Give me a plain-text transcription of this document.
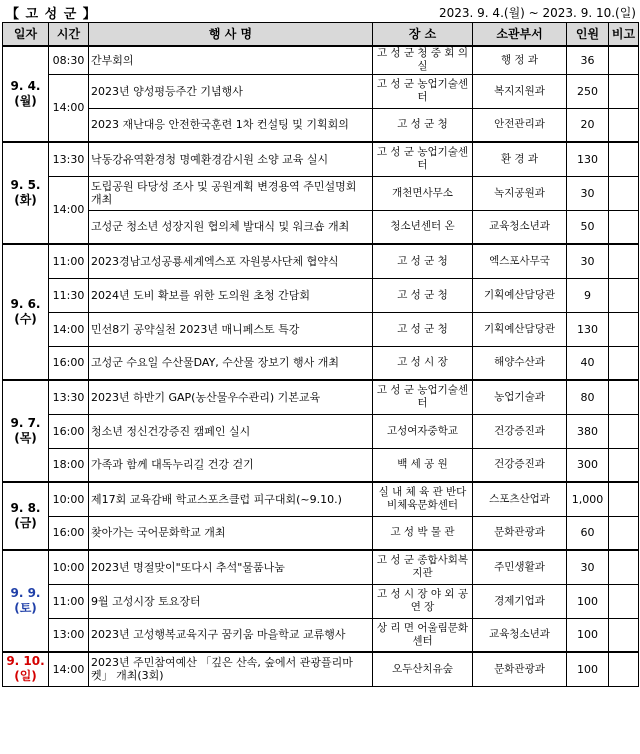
【 고 성 군 】	2023. 9. 4.(월) ~ 2023. 9. 10.(일)
일자	시간	행 사 명	장 소	소관부서	인원	비고

9. 4.
(월)	08:30	간부회의	고 성 군 청 중 회 의 실	행 정 과	36	
	14:00	2023년 양성평등주간 기념행사	고 성 군 농업기술센터	복지지원과	250	
		2023 재난대응 안전한국훈련 1차 컨설팅 및 기획회의	고 성 군 청	안전관리과	20	

9. 5.
(화)	13:30	낙동강유역환경청 명예환경감시원 소양 교육 실시	고 성 군 농업기술센터	환 경 과	130	
	14:00	도립공원 타당성 조사 및 공원계획 변경용역 주민설명회 개최	개천면사무소	녹지공원과	30	
		고성군 청소년 성장지원 협의체 발대식 및 워크숍 개최	청소년센터 온	교육청소년과	50	

9. 6.
(수)	11:00	2023경남고성공룡세계엑스포 자원봉사단체 협약식	고 성 군 청	엑스포사무국	30	
	11:30	2024년 도비 확보를 위한 도의원 초청 간담회	고 성 군 청	기획예산담당관	9	
	14:00	민선8기 공약실천 2023년 매니페스토 특강	고 성 군 청	기획예산담당관	130	
	16:00	고성군 수요일 수산물DAY, 수산물 장보기 행사 개최	고 성 시 장	해양수산과	40	

9. 7.
(목)	13:30	2023년 하반기 GAP(농산물우수관리) 기본교육	고 성 군 농업기술센터	농업기술과	80	
	16:00	청소년 정신건강증진 캠페인 실시	고성여자중학교	건강증진과	380	
	18:00	가족과 함께 대독누리길 건강 걷기	백 세 공 원	건강증진과	300	

9. 8.
(금)	10:00	제17회 교육감배 학교스포츠클럽 피구대회(~9.10.)	실 내 체 육 관 반다비체육문화센터	스포츠산업과	1,000	
	16:00	찾아가는 국어문화학교 개최	고 성 박 물 관	문화관광과	60	

9. 9.
(토)	10:00	2023년 명절맞이"또다시 추석"물품나눔	고 성 군 종합사회복지관	주민생활과	30	
	11:00	9월 고성시장 토요장터	고 성 시 장 야 외 공 연 장	경제기업과	100	
	13:00	2023년 고성행복교육지구 꿈키움 마을학교 교류행사	상 리 면 어울림문화센터	교육청소년과	100	

9. 10.
(일)	14:00	2023년 주민참여예산 「깊은 산속, 숲에서 관광플리마켓」 개최(3회)	오두산치유숲	문화관광과	100	
